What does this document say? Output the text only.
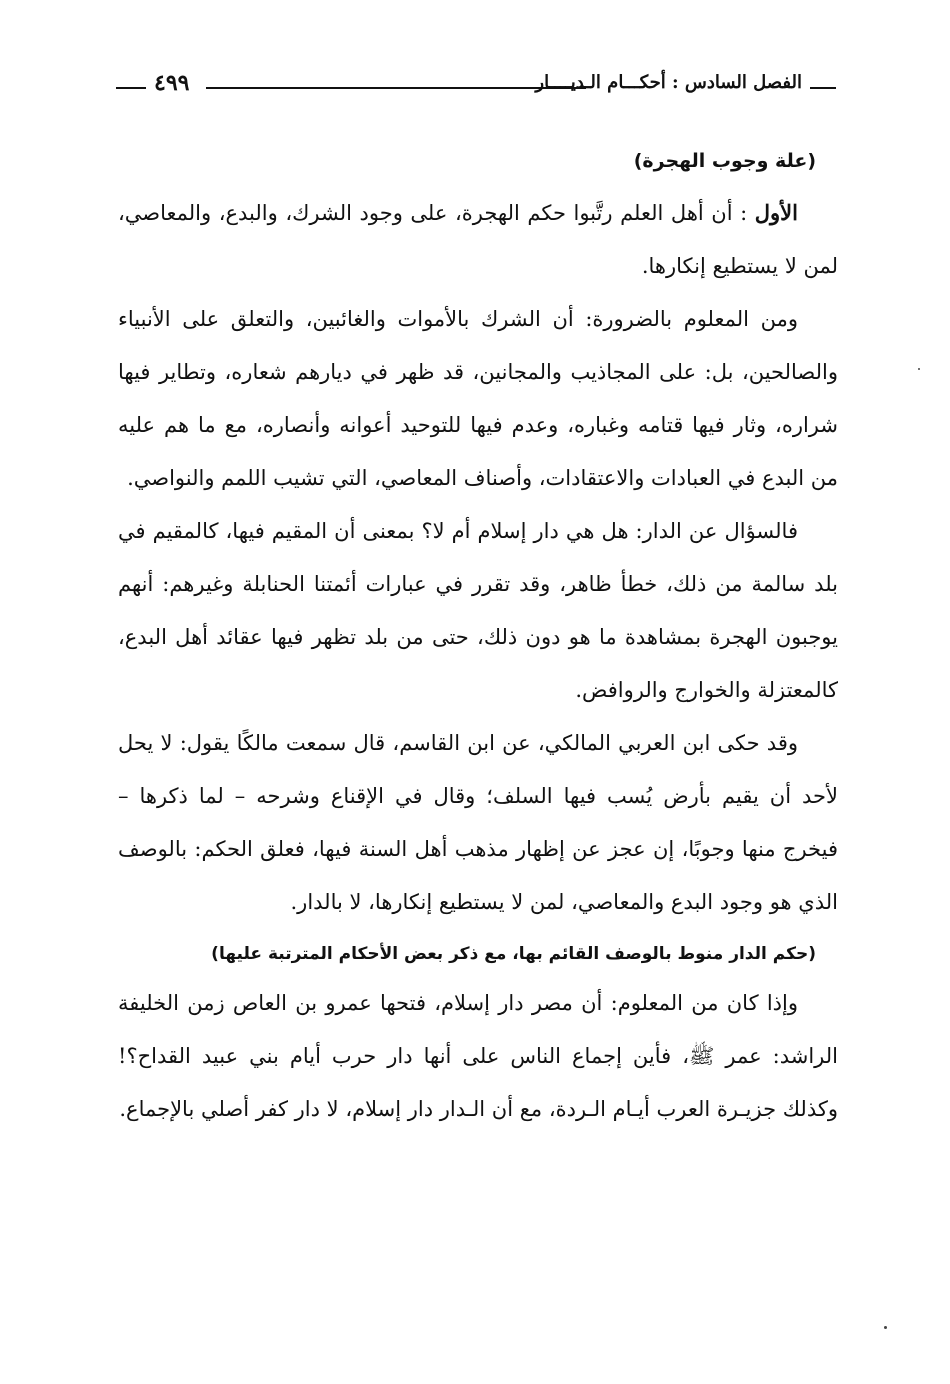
٤٩٩	الفصل السادس : أحكـــام الـديــــار

(علة وجوب الهجرة)

الأول : أن أهل العلم رتَّبوا حكم الهجرة، على وجود الشرك، والبدع، والمعاصي، لمن لا يستطيع إنكارها.

ومن المعلوم بالضرورة: أن الشرك بالأموات والغائبين، والتعلق على الأنبياء والصالحين، بل: على المجاذيب والمجانين، قد ظهر في ديارهم شعاره، وتطاير فيها شراره، وثار فيها قتامه وغباره، وعدم فيها للتوحيد أعوانه وأنصاره، مع ما هم عليه من البدع في العبادات والاعتقادات، وأصناف المعاصي، التي تشيب اللمم والنواصي.

فالسؤال عن الدار: هل هي دار إسلام أم لا؟ بمعنى أن المقيم فيها، كالمقيم في بلد سالمة من ذلك، خطأ ظاهر، وقد تقرر في عبارات أئمتنا الحنابلة وغيرهم: أنهم يوجبون الهجرة بمشاهدة ما هو دون ذلك، حتى من بلد تظهر فيها عقائد أهل البدع، كالمعتزلة والخوارج والروافض.

وقد حكى ابن العربي المالكي، عن ابن القاسم، قال سمعت مالكًا يقول: لا يحل لأحد أن يقيم بأرض يُسب فيها السلف؛ وقال في الإقناع وشرحه – لما ذكرها – فيخرج منها وجوبًا، إن عجز عن إظهار مذهب أهل السنة فيها، فعلق الحكم: بالوصف الذي هو وجود البدع والمعاصي، لمن لا يستطيع إنكارها، لا بالدار.

(حكم الدار منوط بالوصف القائم بها، مع ذكر بعض الأحكام المترتبة عليها)

وإذا كان من المعلوم: أن مصر دار إسلام، فتحها عمرو بن العاص زمن الخليفة الراشد: عمر ﷺ، فأين إجماع الناس على أنها دار حرب أيام بني عبيد القداح؟! وكذلك جزيـرة العرب أيـام الـردة، مع أن الـدار دار إسلام، لا دار كفر أصلي بالإجماع.
